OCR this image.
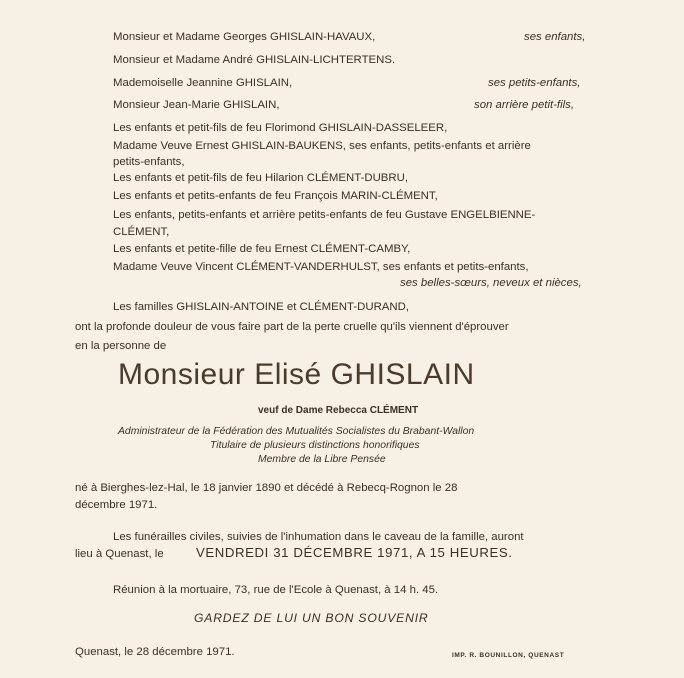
Monsieur et Madame Georges GHISLAIN-HAVAUX,	ses enfants,
Monsieur et Madame André GHISLAIN-LICHTERTENS.
Mademoiselle Jeannine GHISLAIN,	ses petits-enfants,
Monsieur Jean-Marie GHISLAIN,	son arrière petit-fils,
Les enfants et petit-fils de feu Florimond GHISLAIN-DASSELEER,
Madame Veuve Ernest GHISLAIN-BAUKENS, ses enfants, petits-enfants et arrière
petits-enfants,
Les enfants et petit-fils de feu Hilarion CLÉMENT-DUBRU,
Les enfants et petits-enfants de feu François MARIN-CLÉMENT,
Les enfants, petits-enfants et arrière petits-enfants de feu Gustave ENGELBIENNE-
CLÉMENT,
Les enfants et petite-fille de feu Ernest CLÉMENT-CAMBY,
Madame Veuve Vincent CLÉMENT-VANDERHULST, ses enfants et petits-enfants,
ses belles-sœurs, neveux et nièces,
Les familles GHISLAIN-ANTOINE et CLÉMENT-DURAND,
ont la profonde douleur de vous faire part de la perte cruelle qu'ils viennent d'éprouver
en la personne de
Monsieur Elisé GHISLAIN
veuf de Dame Rebecca CLÉMENT
Administrateur de la Fédération des Mutualités Socialistes du Brabant-Wallon
Titulaire de plusieurs distinctions honorifiques
Membre de la Libre Pensée
né à Bierghes-lez-Hal, le 18 janvier 1890 et décédé à Rebecq-Rognon le 28
décembre 1971.
Les funérailles civiles, suivies de l'inhumation dans le caveau de la famille, auront
lieu à Quenast, le VENDREDI 31 DÉCEMBRE 1971, A 15 HEURES.
Réunion à la mortuaire, 73, rue de l'Ecole à Quenast, à 14 h. 45.
GARDEZ DE LUI UN BON SOUVENIR
Quenast, le 28 décembre 1971.	IMP. R. BOUNILLON, QUENAST
